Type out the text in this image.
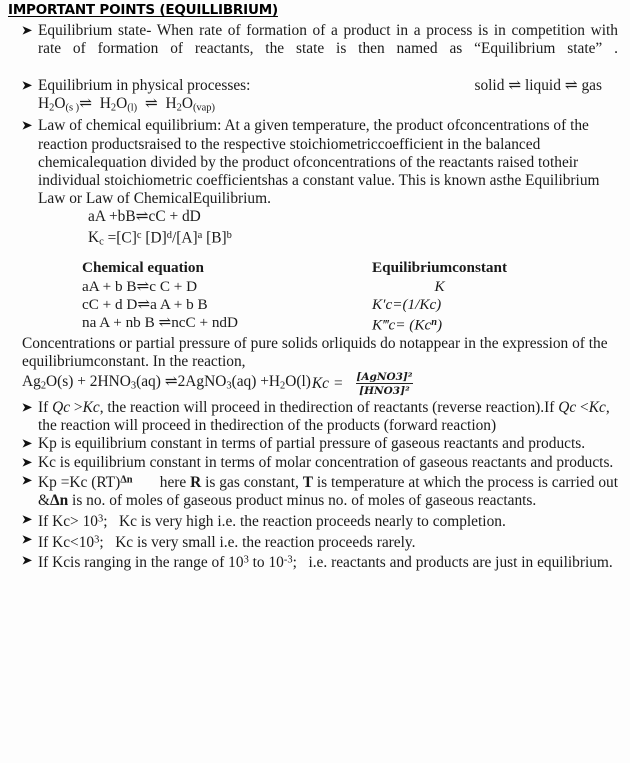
IMPORTANT POINTS (EQUILLIBRIUM)
Equilibrium state- When rate of formation of a product in a process is in competition with rate of formation of reactants, the state is then named as “Equilibrium state” .
Equilibrium in physical processes:	solid ⇌ liquid ⇌ gas
$H_2O_{(s )}\rightleftharpoons$ $H_2O_{(l)}$ ⇌ $H_2O_{(vap)}$
Law of chemical equilibrium: At a given temperature, the product ofconcentrations of the reaction productsraised to the respective stoichiometriccoefficient in the balanced chemicalequation divided by the product ofconcentrations of the reactants raised totheir individual stoichiometric coefficientshas a constant value. This is known asthe Equilibrium Law or Law of ChemicalEquilibrium.
aA +bB⇌cC + dD
$K_c =[C]^c$ $[D]^d/[A]^a$ $[B]^b$
Chemical equation	Equilibriumconstant
aA + b B⇌c C + D	K
cC + d D⇌a A + b B	K′c=(1/Kc)
na A + nb B ⇌ncC + ndD	K‴c= $(Kc^n)$
Concentrations or partial pressure of pure solids orliquids do notappear in the expression of the equilibriumconstant. In the reaction,
$Ag_2O(s) + 2HNO_3(aq)$ ⇌2AgNO$_3$(aq) $+H_2O(l) Kc = \frac{\text{[AgNO3]²}}{\text{[HNO3]²}}$
If Qc >Kc, the reaction will proceed in thedirection of reactants (reverse reaction).If Qc <Kc, the reaction will proceed in thedirection of the products (forward reaction)
Kp is equilibrium constant in terms of partial pressure of gaseous reactants and products.
Kc is equilibrium constant in terms of molar concentration of gaseous reactants and products.
Kp =Kc (RT)$^{\Delta n}$ here R is gas constant, T is temperature at which the process is carried out &Δn is no. of moles of gaseous product minus no. of moles of gaseous reactants.
If $Kc> 10^3$; Kc is very high i.e. the reaction proceeds nearly to completion.
If $Kc<10^3$; Kc is very small i.e. the reaction proceeds rarely.
If Kcis ranging in the range of $10^3$ to $10^{-3}$; i.e. reactants and products are just in equilibrium.
